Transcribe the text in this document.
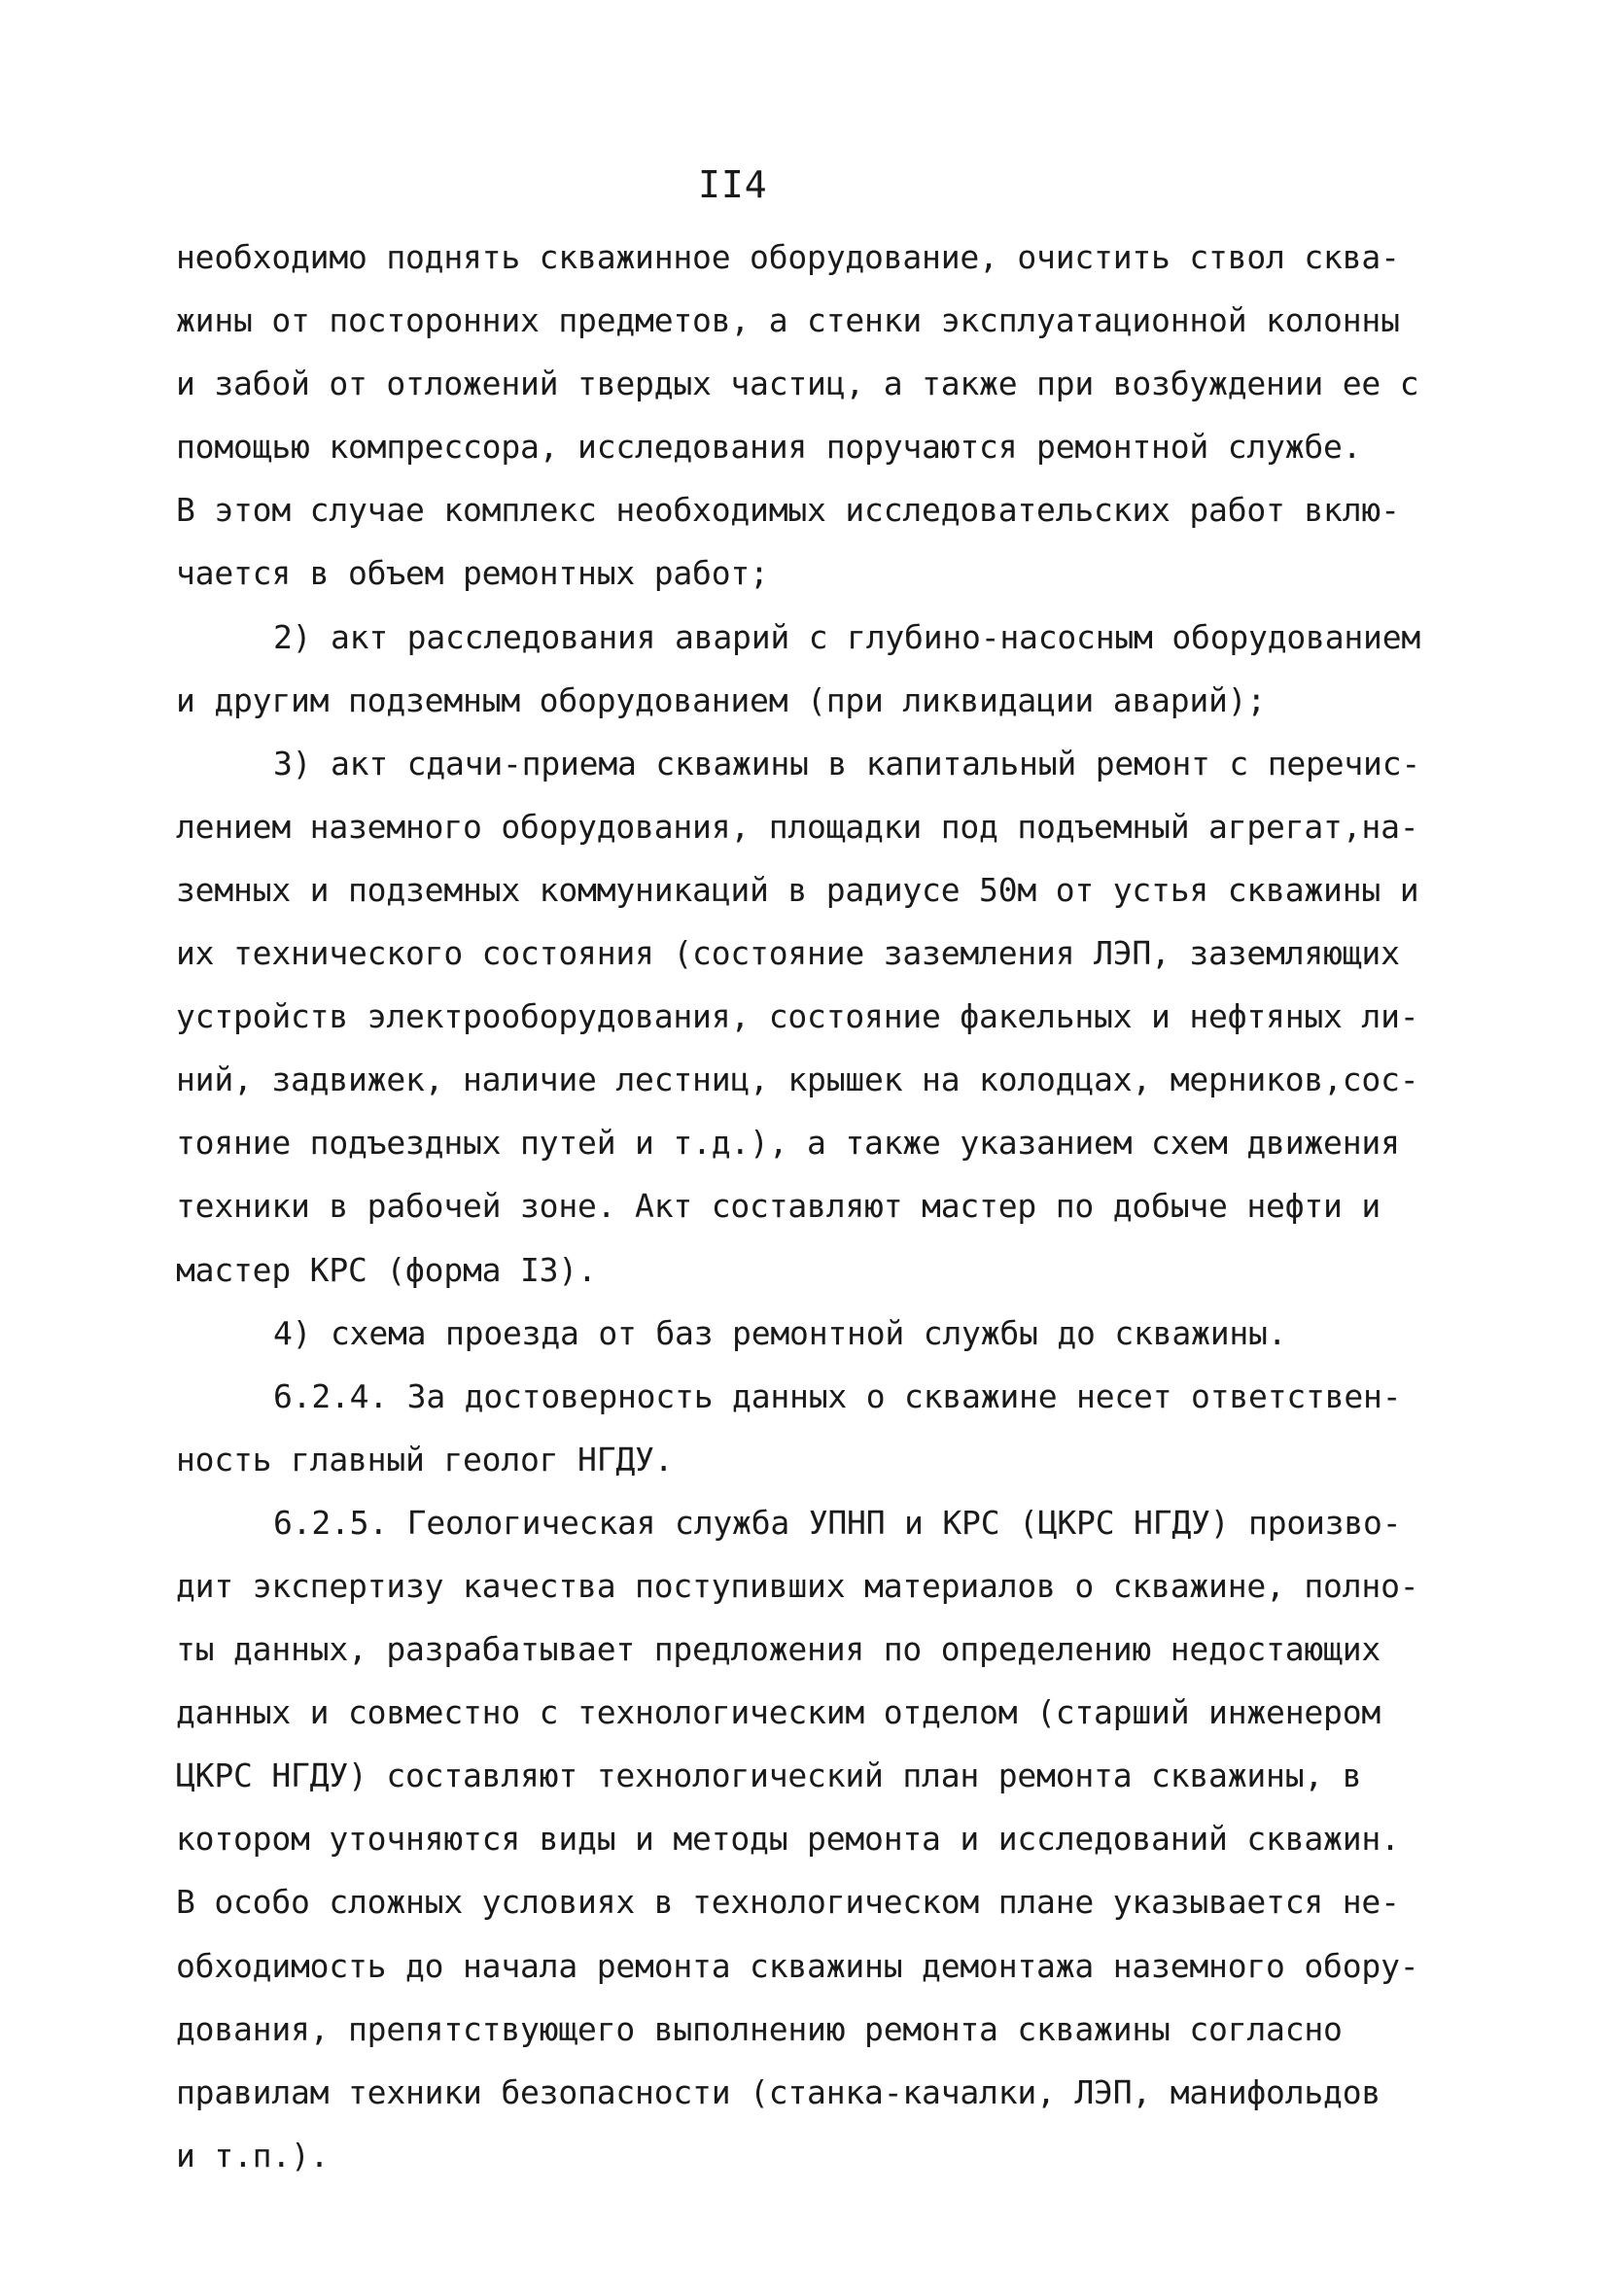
II4
необходимо поднять скважинное оборудование, очистить ствол сква-
жины от посторонних предметов, а стенки эксплуатационной колонны
и забой от отложений твердых частиц, а также при возбуждении ее с
помощью компрессора, исследования поручаются ремонтной службе.
В этом случае комплекс необходимых исследовательских работ вклю-
чается в объем ремонтных работ;
2) акт расследования аварий с глубино-насосным оборудованием
и другим подземным оборудованием (при ликвидации аварий);
3) акт сдачи-приема скважины в капитальный ремонт с перечис-
лением наземного оборудования, площадки под подъемный агрегат,на-
земных и подземных коммуникаций в радиусе 50м от устья скважины и
их технического состояния (состояние заземления ЛЭП, заземляющих
устройств электрооборудования, состояние факельных и нефтяных ли-
ний, задвижек, наличие лестниц, крышек на колодцах, мерников,сос-
тояние подъездных путей и т.д.), а также указанием схем движения
техники в рабочей зоне. Акт составляют мастер по добыче нефти и
мастер КРС (форма I3).
4) схема проезда от баз ремонтной службы до скважины.
6.2.4. За достоверность данных о скважине несет ответствен-
ность главный геолог НГДУ.
6.2.5. Геологическая служба УПНП и КРС (ЦКРС НГДУ) произво-
дит экспертизу качества поступивших материалов о скважине, полно-
ты данных, разрабатывает предложения по определению недостающих
данных и совместно с технологическим отделом (старший инженером
ЦКРС НГДУ) составляют технологический план ремонта скважины, в
котором уточняются виды и методы ремонта и исследований скважин.
В особо сложных условиях в технологическом плане указывается не-
обходимость до начала ремонта скважины демонтажа наземного обору-
дования, препятствующего выполнению ремонта скважины согласно
правилам техники безопасности (станка-качалки, ЛЭП, манифольдов
и т.п.).
